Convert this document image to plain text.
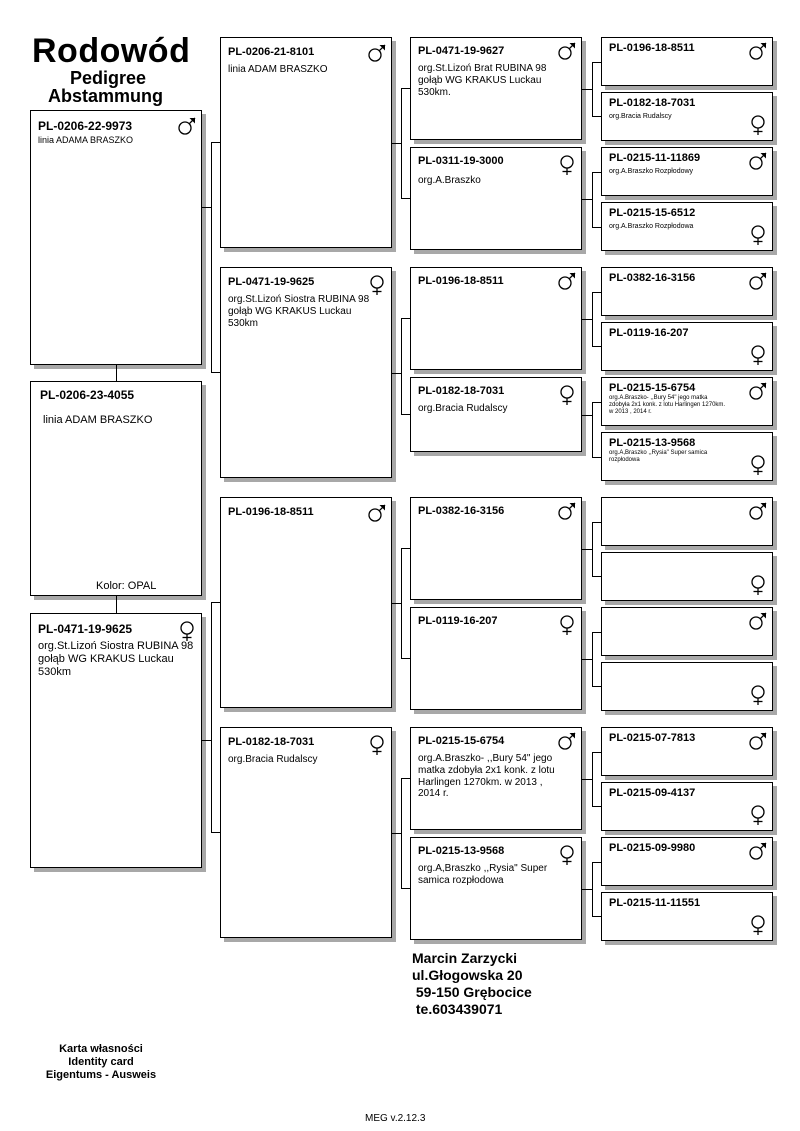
Rodowód
Pedigree
Abstammung
PL-0206-22-9973
linia ADAMA BRASZKO
PL-0206-23-4055
linia ADAM BRASZKO
Kolor: OPAL
PL-0471-19-9625
org.St.Lizoń Siostra RUBINA 98
gołąb WG KRAKUS Luckau
530km
PL-0206-21-8101
linia ADAM BRASZKO
PL-0471-19-9625
org.St.Lizoń Siostra RUBINA 98
gołąb WG KRAKUS Luckau
530km
PL-0196-18-8511
PL-0182-18-7031
org.Bracia Rudalscy
PL-0471-19-9627
org.St.Lizoń Brat RUBINA 98
gołąb WG KRAKUS Luckau
530km.
PL-0311-19-3000
org.A.Braszko
PL-0196-18-8511
PL-0182-18-7031
org.Bracia Rudalscy
PL-0382-16-3156
PL-0119-16-207
PL-0215-15-6754
org.A.Braszko- ,,Bury 54" jego
matka zdobyła 2x1 konk. z lotu
Harlingen 1270km. w 2013 ,
2014 r.
PL-0215-13-9568
org.A,Braszko ,,Rysia" Super
samica rozpłodowa
PL-0196-18-8511
PL-0182-18-7031
org.Bracia Rudalscy
PL-0215-11-11869
org.A.Braszko Rozpłodowy
PL-0215-15-6512
org.A.Braszko Rozpłodowa
PL-0382-16-3156
PL-0119-16-207
PL-0215-15-6754
org.A.Braszko- ,,Bury 54" jego matka
zdobyła 2x1 konk. z lotu Harlingen 1270km.
w 2013 , 2014 r.
PL-0215-13-9568
org.A,Braszko ,,Rysia" Super samica
rozpłodowa
PL-0215-07-7813
PL-0215-09-4137
PL-0215-09-9980
PL-0215-11-11551
Marcin Zarzycki
ul.Głogowska 20
59-150 Grębocice
te.603439071
Karta własności
Identity card
Eigentums - Ausweis
MEG v.2.12.3
